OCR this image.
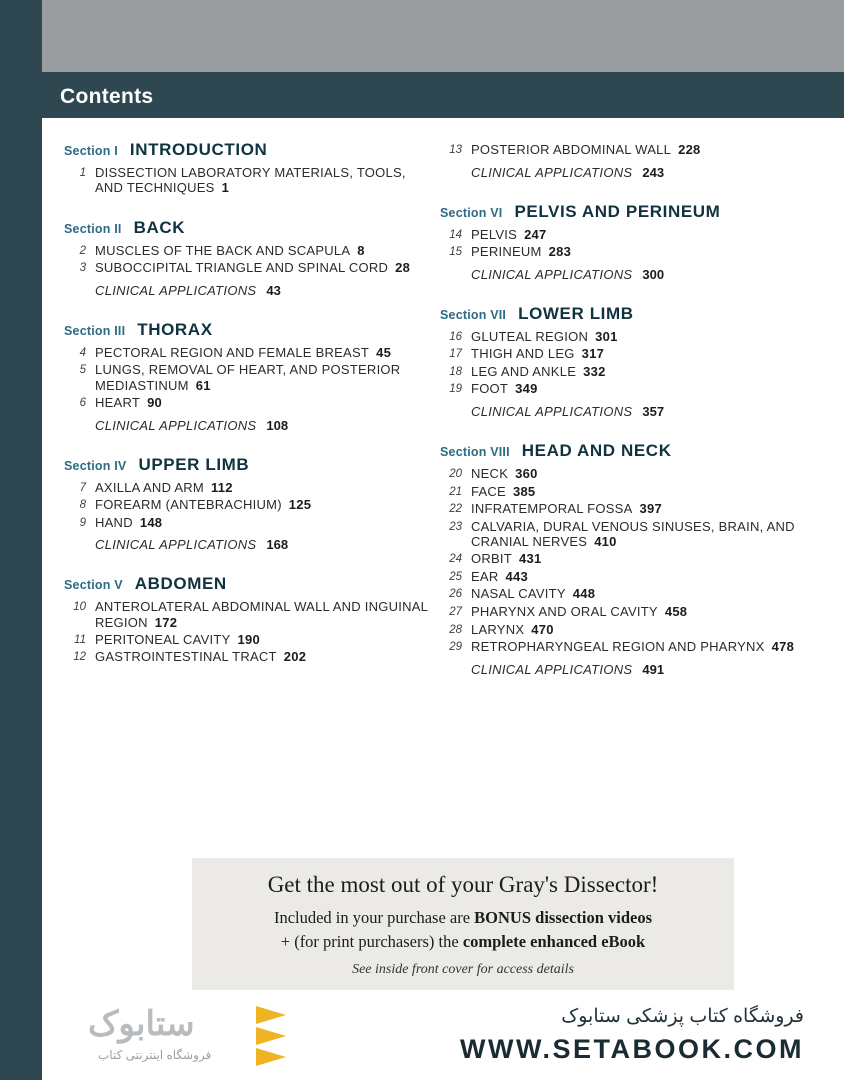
Contents
Section I INTRODUCTION
1 DISSECTION LABORATORY MATERIALS, TOOLS, AND TECHNIQUES 1
Section II BACK
2 MUSCLES OF THE BACK AND SCAPULA 8
3 SUBOCCIPITAL TRIANGLE AND SPINAL CORD 28
CLINICAL APPLICATIONS 43
Section III THORAX
4 PECTORAL REGION AND FEMALE BREAST 45
5 LUNGS, REMOVAL OF HEART, AND POSTERIOR MEDIASTINUM 61
6 HEART 90
CLINICAL APPLICATIONS 108
Section IV UPPER LIMB
7 AXILLA AND ARM 112
8 FOREARM (ANTEBRACHIUM) 125
9 HAND 148
CLINICAL APPLICATIONS 168
Section V ABDOMEN
10 ANTEROLATERAL ABDOMINAL WALL AND INGUINAL REGION 172
11 PERITONEAL CAVITY 190
12 GASTROINTESTINAL TRACT 202
13 POSTERIOR ABDOMINAL WALL 228
CLINICAL APPLICATIONS 243
Section VI PELVIS AND PERINEUM
14 PELVIS 247
15 PERINEUM 283
CLINICAL APPLICATIONS 300
Section VII LOWER LIMB
16 GLUTEAL REGION 301
17 THIGH AND LEG 317
18 LEG AND ANKLE 332
19 FOOT 349
CLINICAL APPLICATIONS 357
Section VIII HEAD AND NECK
20 NECK 360
21 FACE 385
22 INFRATEMPORAL FOSSA 397
23 CALVARIA, DURAL VENOUS SINUSES, BRAIN, AND CRANIAL NERVES 410
24 ORBIT 431
25 EAR 443
26 NASAL CAVITY 448
27 PHARYNX AND ORAL CAVITY 458
28 LARYNX 470
29 RETROPHARYNGEAL REGION AND PHARYNX 478
CLINICAL APPLICATIONS 491
Get the most out of your Gray's Dissector!
Included in your purchase are BONUS dissection videos
+ (for print purchasers) the complete enhanced eBook
See inside front cover for access details
ستابوک
فروشگاه اینترنتی کتاب
فروشگاه کتاب پزشکی ستابوک
WWW.SETABOOK.COM
